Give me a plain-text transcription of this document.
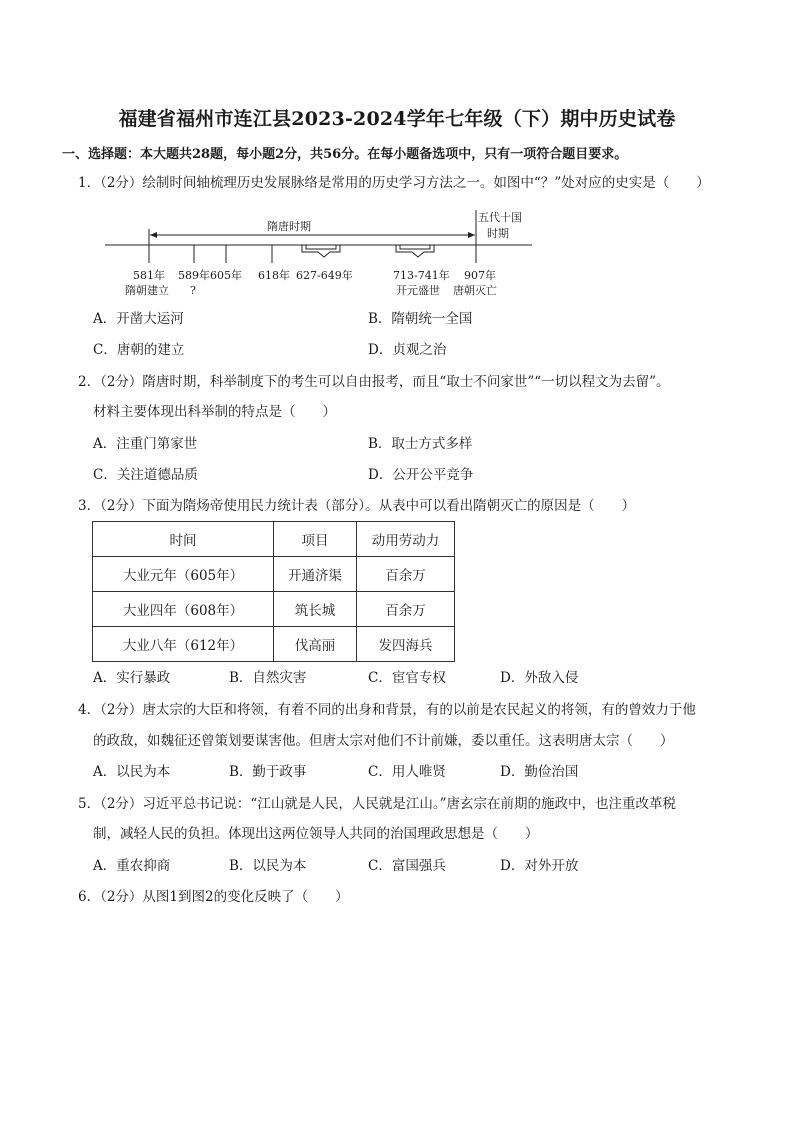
福建省福州市连江县2023-2024学年七年级（下）期中历史试卷
一、选择题：本大题共28题，每小题2分，共56分。在每小题备选项中，只有一项符合题目要求。
1．（2分）绘制时间轴梳理历史发展脉络是常用的历史学习方法之一。如图中“？”处对应的史实是（　　）
隋唐时期
五代十国
时期
581年 589年 605年 618年 627-649年	713-741年 907年
隋朝建立 ?	开元盛世 唐朝灭亡
A．开凿大运河	B．隋朝统一全国
C．唐朝的建立	D．贞观之治
2．（2分）隋唐时期，科举制度下的考生可以自由报考，而且“取士不问家世”“一切以程文为去留”。
材料主要体现出科举制的特点是（　　）
A．注重门第家世	B．取士方式多样
C．关注道德品质	D．公开公平竞争
3．（2分）下面为隋炀帝使用民力统计表（部分）。从表中可以看出隋朝灭亡的原因是（　　）
时间	项目	动用劳动力
大业元年（605年）	开通济渠	百余万
大业四年（608年）	筑长城	百余万
大业八年（612年）	伐高丽	发四海兵
A．实行暴政	B．自然灾害	C．宦官专权	D．外敌入侵
4．（2分）唐太宗的大臣和将领，有着不同的出身和背景，有的以前是农民起义的将领，有的曾效力于他
的政敌，如魏征还曾策划要谋害他。但唐太宗对他们不计前嫌，委以重任。这表明唐太宗（　　）
A．以民为本	B．勤于政事	C．用人唯贤	D．勤俭治国
5．（2分）习近平总书记说：“江山就是人民，人民就是江山。”唐玄宗在前期的施政中，也注重改革税
制，减轻人民的负担。体现出这两位领导人共同的治国理政思想是（　　）
A．重农抑商	B．以民为本	C．富国强兵	D．对外开放
6．（2分）从图1到图2的变化反映了（　　）
